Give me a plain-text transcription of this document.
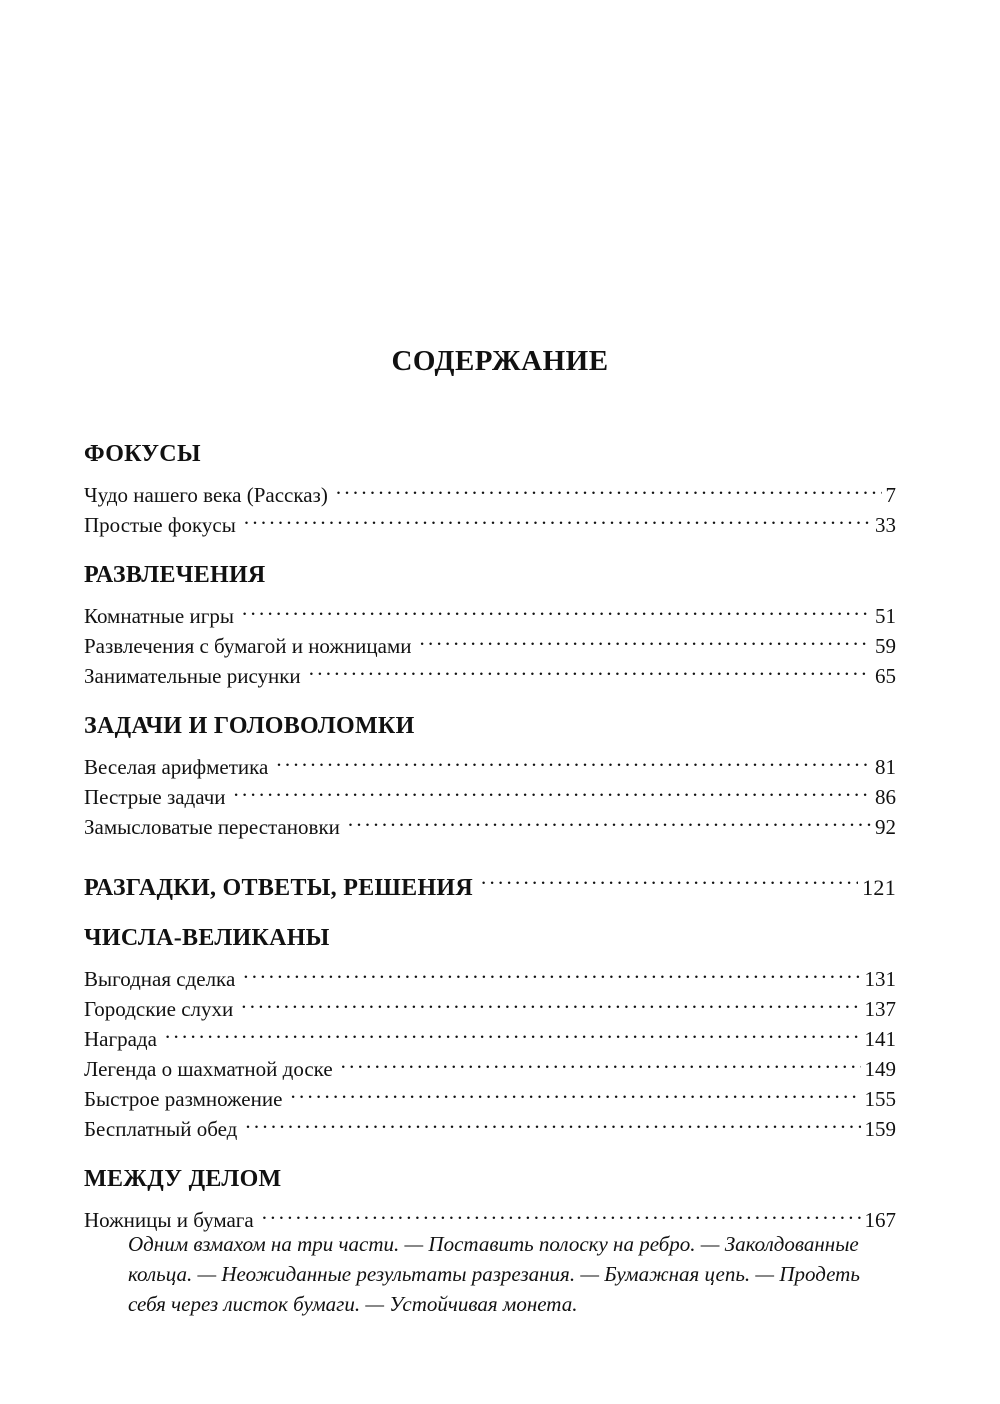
СОДЕРЖАНИЕ
ФОКУСЫ
Чудо нашего века (Рассказ) . . .	7
Простые фокусы . . .	33
РАЗВЛЕЧЕНИЯ
Комнатные игры . . .	51
Развлечения с бумагой и ножницами . . .	59
Занимательные рисунки . . .	65
ЗАДАЧИ И ГОЛОВОЛОМКИ
Веселая арифметика . . .	81
Пестрые задачи . . .	86
Замысловатые перестановки . . .	92
РАЗГАДКИ, ОТВЕТЫ, РЕШЕНИЯ . . .	121
ЧИСЛА-ВЕЛИКАНЫ
Выгодная сделка . . .	131
Городские слухи . . .	137
Награда . . .	141
Легенда о шахматной доске . . .	149
Быстрое размножение . . .	155
Бесплатный обед . . .	159
МЕЖДУ ДЕЛОМ
Ножницы и бумага . . .	167
Одним взмахом на три части. — Поставить полоску на ребро. — Заколдованные кольца. — Неожиданные результаты разрезания. — Бумажная цепь. — Продеть себя через листок бумаги. — Устойчивая монета.
